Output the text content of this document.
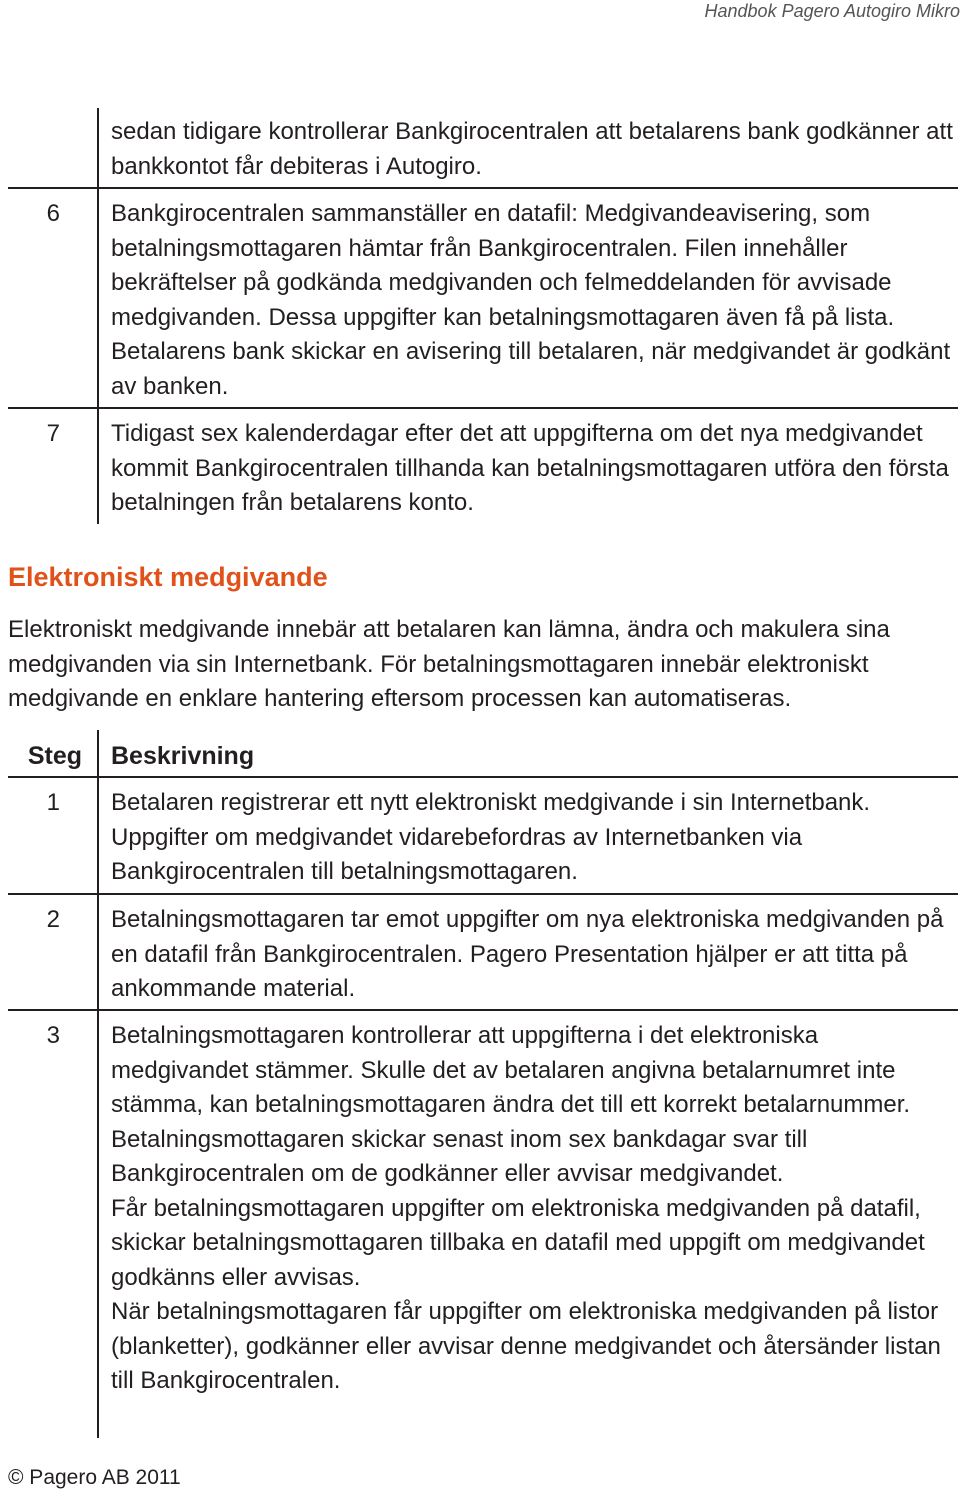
Handbok Pagero Autogiro Mikro
sedan tidigare kontrollerar Bankgirocentralen att betalarens bank godkänner att bankkontot får debiteras i Autogiro.
6 Bankgirocentralen sammanställer en datafil: Medgivandeavisering, som betalningsmottagaren hämtar från Bankgirocentralen. Filen innehåller bekräftelser på godkända medgivanden och felmeddelanden för avvisade medgivanden. Dessa uppgifter kan betalningsmottagaren även få på lista. Betalarens bank skickar en avisering till betalaren, när medgivandet är godkänt av banken.
7 Tidigast sex kalenderdagar efter det att uppgifterna om det nya medgivandet kommit Bankgirocentralen tillhanda kan betalningsmottagaren utföra den första betalningen från betalarens konto.
Elektroniskt medgivande

Elektroniskt medgivande innebär att betalaren kan lämna, ändra och makulera sina medgivanden via sin Internetbank. För betalningsmottagaren innebär elektroniskt medgivande en enklare hantering eftersom processen kan automatiseras.

Steg Beskrivning
1 Betalaren registrerar ett nytt elektroniskt medgivande i sin Internetbank. Uppgifter om medgivandet vidarebefordras av Internetbanken via Bankgirocentralen till betalningsmottagaren.

2 Betalningsmottagaren tar emot uppgifter om nya elektroniska medgivanden på en datafil från Bankgirocentralen. Pagero Presentation hjälper er att titta på ankommande material.

3 Betalningsmottagaren kontrollerar att uppgifterna i det elektroniska medgivandet stämmer. Skulle det av betalaren angivna betalarnumret inte stämma, kan betalningsmottagaren ändra det till ett korrekt betalarnummer.

Betalningsmottagaren skickar senast inom sex bankdagar svar till Bankgirocentralen om de godkänner eller avvisar medgivandet.

Får betalningsmottagaren uppgifter om elektroniska medgivanden på datafil, skickar betalningsmottagaren tillbaka en datafil med uppgift om medgivandet godkänns eller avvisas.

När betalningsmottagaren får uppgifter om elektroniska medgivanden på listor (blanketter), godkänner eller avvisar denne medgivandet och återsänder listan till Bankgirocentralen.

© Pagero AB 2011
